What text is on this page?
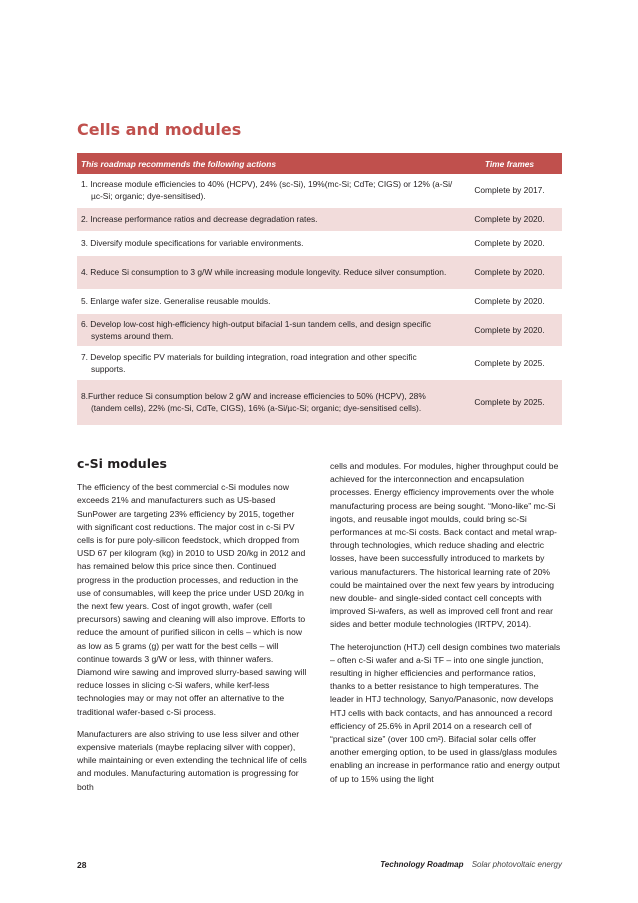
Cells and modules
This roadmap recommends the following actions	Time frames

1. Increase module efficiencies to 40% (HCPV), 24% (sc-Si), 19%(mc-Si; CdTe; CIGS) or 12% (a-Si/µc-Si; organic; dye-sensitised).	Complete by 2017.

2. Increase performance ratios and decrease degradation rates.	Complete by 2020.

3. Diversify module specifications for variable environments.	Complete by 2020.

4. Reduce Si consumption to 3 g/W while increasing module longevity. Reduce silver consumption.	Complete by 2020.

5. Enlarge wafer size. Generalise reusable moulds.	Complete by 2020.

6. Develop low-cost high-efficiency high-output bifacial 1-sun tandem cells, and design specific systems around them.	Complete by 2020.

7. Develop specific PV materials for building integration, road integration and other specific supports.	Complete by 2025.

8.Further reduce Si consumption below 2 g/W and increase efficiencies to 50% (HCPV), 28% (tandem cells), 22% (mc-Si, CdTe, CIGS), 16% (a-Si/µc-Si; organic; dye-sensitised cells).	Complete by 2025.
c-Si modules

The efficiency of the best commercial c-Si modules now exceeds 21% and manufacturers such as US-based SunPower are targeting 23% efficiency by 2015, together with significant cost reductions. The major cost in c-Si PV cells is for pure poly-silicon feedstock, which dropped from USD 67 per kilogram (kg) in 2010 to USD 20/kg in 2012 and has remained below this price since then. Continued progress in the production processes, and reduction in the use of consumables, will keep the price under USD 20/kg in the next few years. Cost of ingot growth, wafer (cell precursors) sawing and cleaning will also improve. Efforts to reduce the amount of purified silicon in cells – which is now as low as 5 grams (g) per watt for the best cells – will continue towards 3 g/W or less, with thinner wafers. Diamond wire sawing and improved slurry-based sawing will reduce losses in slicing c-Si wafers, while kerf-less technologies may or may not offer an alternative to the traditional wafer-based c-Si process.

Manufacturers are also striving to use less silver and other expensive materials (maybe replacing silver with copper), while maintaining or even extending the technical life of cells and modules. Manufacturing automation is progressing for both

cells and modules. For modules, higher throughput could be achieved for the interconnection and encapsulation processes. Energy efficiency improvements over the whole manufacturing process are being sought. “Mono-like” mc-Si ingots, and reusable ingot moulds, could bring sc-Si performances at mc-Si costs. Back contact and metal wrap-through technologies, which reduce shading and electric losses, have been successfully introduced to markets by various manufacturers. The historical learning rate of 20% could be maintained over the next few years by introducing new double- and single-sided contact cell concepts with improved Si-wafers, as well as improved cell front and rear sides and better module technologies (IRTPV, 2014).

The heterojunction (HTJ) cell design combines two materials – often c-Si wafer and a-Si TF – into one single junction, resulting in higher efficiencies and performance ratios, thanks to a better resistance to high temperatures. The leader in HTJ technology, Sanyo/Panasonic, now develops HTJ cells with back contacts, and has announced a record efficiency of 25.6% in April 2014 on a research cell of “practical size” (over 100 cm²). Bifacial solar cells offer another emerging option, to be used in glass/glass modules enabling an increase in performance ratio and energy output of up to 15% using the light

28	Technology Roadmap Solar photovoltaic energy
